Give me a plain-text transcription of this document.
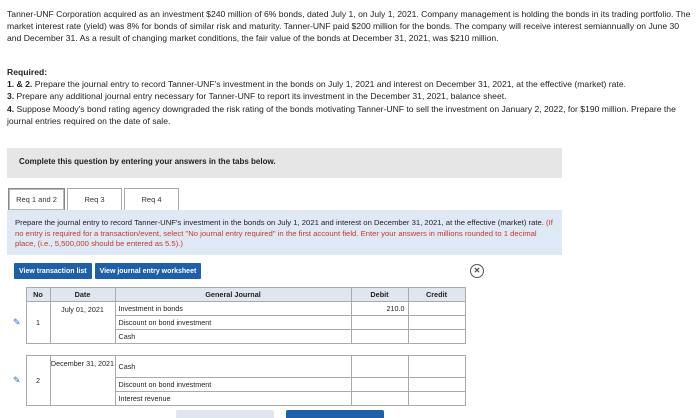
Tanner-UNF Corporation acquired as an investment $240 million of 6% bonds, dated July 1, on July 1, 2021. Company management is holding the bonds in its trading portfolio. The market interest rate (yield) was 8% for bonds of similar risk and maturity. Tanner-UNF paid $200 million for the bonds. The company will receive interest semiannually on June 30 and December 31. As a result of changing market conditions, the fair value of the bonds at December 31, 2021, was $210 million.

Required:
1. & 2. Prepare the journal entry to record Tanner-UNF's investment in the bonds on July 1, 2021 and interest on December 31, 2021, at the effective (market) rate.
3. Prepare any additional journal entry necessary for Tanner-UNF to report its investment in the December 31, 2021, balance sheet.
4. Suppose Moody's bond rating agency downgraded the risk rating of the bonds motivating Tanner-UNF to sell the investment on January 2, 2022, for $190 million. Prepare the journal entries required on the date of sale.
Complete this question by entering your answers in the tabs below.
Req 1 and 2	Req 3	Req 4
Prepare the journal entry to record Tanner-UNF's investment in the bonds on July 1, 2021 and interest on December 31, 2021, at the effective (market) rate. (If no entry is required for a transaction/event, select "No journal entry required" in the first account field. Enter your answers in millions rounded to 1 decimal place, (i.e., 5,500,000 should be entered as 5.5).)
View transaction list	View journal entry worksheet	✕
	No	Date	General Journal	Debit	Credit
✎	1	July 01, 2021	Investment in bonds	210.0	
			Discount on bond investment		
			Cash		

✎	2	December 31, 2021	Cash		
			Discount on bond investment		
			Interest revenue		
